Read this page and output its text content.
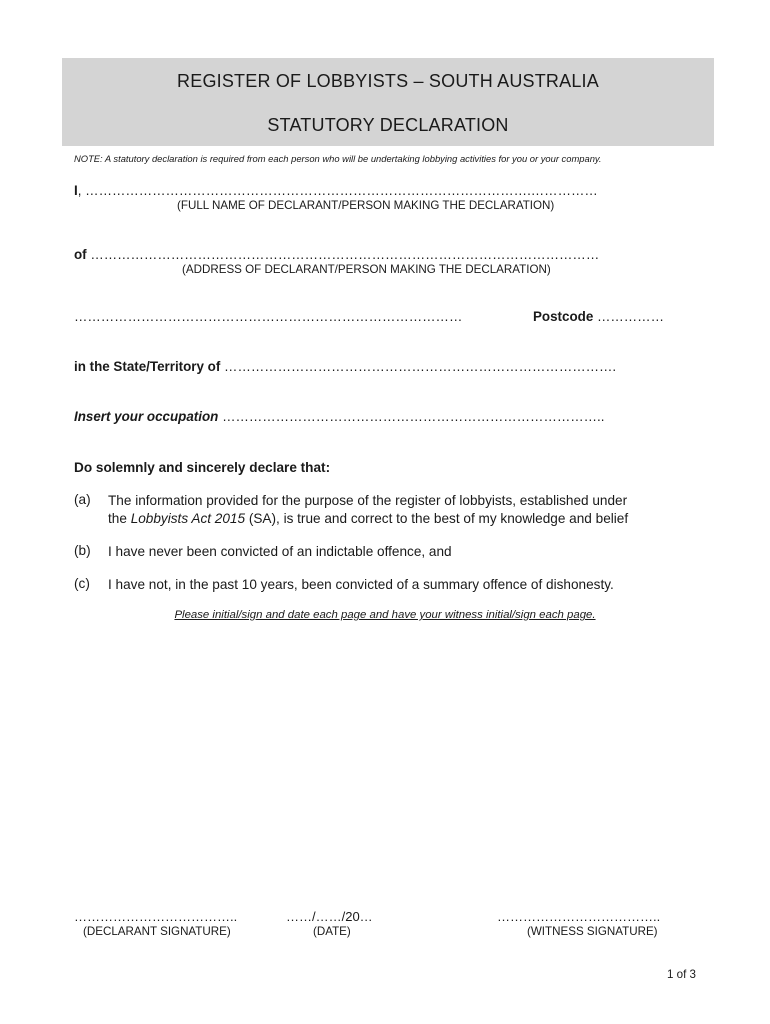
REGISTER OF LOBBYISTS – SOUTH AUSTRALIA
STATUTORY DECLARATION
NOTE: A statutory declaration is required from each person who will be undertaking lobbying activities for you or your company.
I, ……………………………………………………………………………………….……………
(FULL NAME OF DECLARANT/PERSON MAKING THE DECLARATION)
of ……………………………………………………………………………………………………
(ADDRESS OF DECLARANT/PERSON MAKING THE DECLARATION)
……………………………………………………………………………	Postcode ……………
in the State/Territory of …………………………………………………………………………….
Insert your occupation …………………………………………………………………………..
Do solemnly and sincerely declare that:
(a) The information provided for the purpose of the register of lobbyists, established under
the Lobbyists Act 2015 (SA), is true and correct to the best of my knowledge and belief
(b) I have never been convicted of an indictable offence, and
(c) I have not, in the past 10 years, been convicted of a summary offence of dishonesty.
Please initial/sign and date each page and have your witness initial/sign each page.
………………………………..
(DECLARANT SIGNATURE)
……/……/20…
(DATE)
………………………………..
(WITNESS SIGNATURE)
1 of 3
